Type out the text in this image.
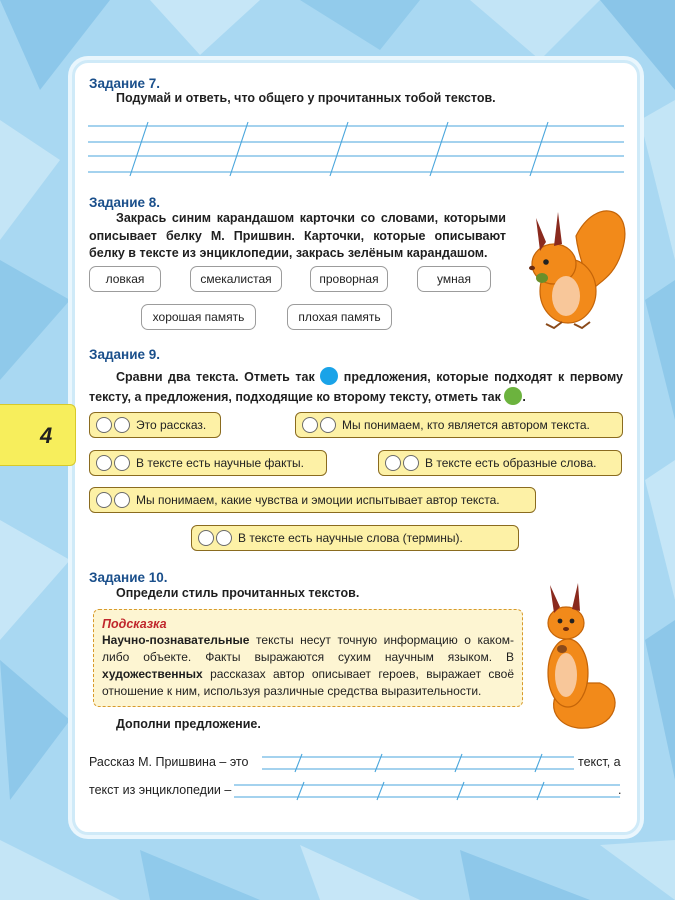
4
Задание 7.
Подумай и ответь, что общего у прочитанных тобой текстов.
Задание 8.
Закрась синим карандашом карточки со словами, которыми описывает белку М. Пришвин. Карточки, которые описывают белку в тексте из энциклопедии, закрась зелёным карандашом.
ловкая	смекалистая	проворная	умная
хорошая память	плохая память
Задание 9.
Сравни два текста. Отметь так предложения, которые подходят к первому тексту, а предложения, подходящие ко второму тексту, отметь так .
Это рассказ.	Мы понимаем, кто является автором текста.
В тексте есть научные факты.	В тексте есть образные слова.
Мы понимаем, какие чувства и эмоции испытывает автор текста.
В тексте есть научные слова (термины).
Задание 10.
Определи стиль прочитанных текстов.
Подсказка
Научно-познавательные тексты несут точную информацию о каком-либо объекте. Факты выражаются сухим научным языком. В художественных рассказах автор описывает героев, выражает своё отношение к ним, используя различные средства выразительности.
Дополни предложение.
Рассказ М. Пришвина – это	текст, а
текст из энциклопедии –	.
